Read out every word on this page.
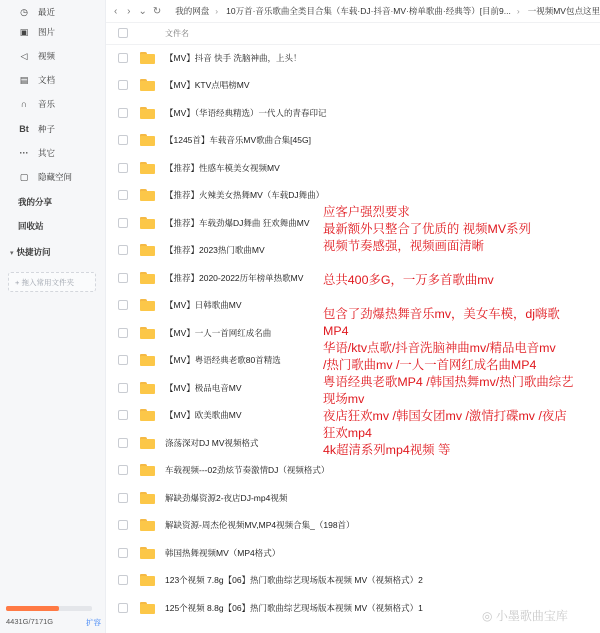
◷ 最近
▣ 图片
◁ 视频
▤ 文档
∩	音乐
Bt 种子
··· 其它
▢ 隐藏空间
我的分享
回收站
▾ 快捷访问
+ 拖入常用文件夹
4431G/7171G	扩容
‹ › ⌄ ↻ 我的网盘 › 10万首·音乐歌曲全类目合集（车载·DJ·抖音·MV·榜单歌曲·经典等）[目前9... › 一视频MV包点这里
文件名
【MV】抖音 快手 洗脑神曲，上头！
【MV】KTV点唱榜MV
【MV】（华语经典精选）一代人的青春印记
【1245首】车载音乐MV歌曲合集[45G]
【推荐】性感车模美女视频MV
【推荐】火辣美女热舞MV（车载DJ舞曲）
【推荐】车载劲爆DJ舞曲 狂欢舞曲MV
【推荐】2023热门歌曲MV
【推荐】2020-2022历年榜单热歌MV
【MV】日韩歌曲MV
【MV】一人一首网红成名曲
【MV】粤语经典老歌80首精选
【MV】极品电音MV
【MV】欧美歌曲MV
涤荡深对DJ MV视频格式
车载视频---02劲炫节奏激情DJ（视频格式）
解缺劲爆资源2-夜店DJ-mp4视频
解缺资源-周杰伦视频MV,MP4视频合集_（198首）
韩国热舞视频MV（MP4格式）
123个视频 7.8g【06】热门歌曲综艺现场版本视频 MV（视频格式）2
125个视频 8.8g【06】热门歌曲综艺现场版本视频 MV（视频格式）1

应客户强烈要求

最新额外只整合了优质的 视频MV系列

视频节奏感强，视频画面清晰

总共400多G，一万多首歌曲mv

包含了劲爆热舞音乐mv，美女车模，dj嗨歌

MP4

华语/ktv点歌/抖音洗脑神曲mv/精品电音mv

/热门歌曲mv /一人一首网红成名曲MP4

粤语经典老歌MP4 /韩国热舞mv/热门歌曲综艺

现场mv

夜店狂欢mv /韩国女团mv /激情打碟mv /夜店

狂欢mp4

4k超清系列mp4视频 等

◎ 小墨歌曲宝库
